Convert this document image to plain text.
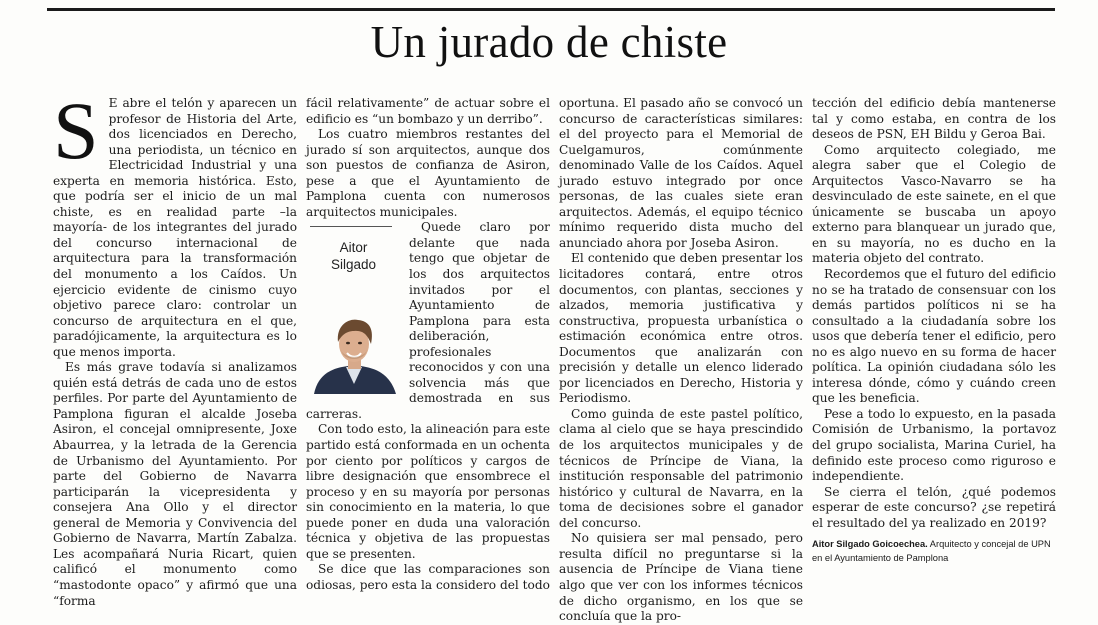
Un jurado de chiste
S E abre el telón y aparecen un profesor de Historia del Arte, dos licenciados en Derecho, una periodista, un técnico en Electricidad Industrial y una experta en memoria histórica. Esto, que podría ser el inicio de un mal chiste, es en realidad parte –la mayoría- de los integrantes del jurado del concurso internacional de arquitectura para la transformación del monumento a los Caídos. Un ejercicio evidente de cinismo cuyo objetivo parece claro: controlar un concurso de arquitectura en el que, paradójicamente, la arquitectura es lo que menos importa.

Es más grave todavía si analizamos quién está detrás de cada uno de estos perfiles. Por parte del Ayuntamiento de Pamplona figuran el alcalde Joseba Asiron, el concejal omnipresente, Joxe Abaurrea, y la letrada de la Gerencia de Urbanismo del Ayuntamiento. Por parte del Gobierno de Navarra participarán la vicepresidenta y consejera Ana Ollo y el director general de Memoria y Convivencia del Gobierno de Navarra, Martín Zabalza. Les acompañará Nuria Ricart, quien calificó el monumento como “mastodonte opaco” y afirmó que una “forma

fácil relativamente” de actuar sobre el edificio es “un bombazo y un derribo”.

Los cuatro miembros restantes del jurado sí son arquitectos, aunque dos son puestos de confianza de Asiron, pese a que el Ayuntamiento de Pamplona cuenta con numerosos arquitectos municipales.

Aitor
Silgado

Quede claro por delante que nada tengo que objetar de los dos arquitectos invitados por el Ayuntamiento de Pamplona para esta deliberación, profesionales reconocidos y con una solvencia más que demostrada en sus carreras.

Con todo esto, la alineación para este partido está conformada en un ochenta por ciento por políticos y cargos de libre designación que ensombrece el proceso y en su mayoría por personas sin conocimiento en la materia, lo que puede poner en duda una valoración técnica y objetiva de las propuestas que se presenten.

Se dice que las comparaciones son odiosas, pero esta la considero del todo

oportuna. El pasado año se convocó un concurso de características similares: el del proyecto para el Memorial de Cuelgamuros, comúnmente denominado Valle de los Caídos. Aquel jurado estuvo integrado por once personas, de las cuales siete eran arquitectos. Además, el equipo técnico mínimo requerido dista mucho del anunciado ahora por Joseba Asiron.

El contenido que deben presentar los licitadores contará, entre otros documentos, con plantas, secciones y alzados, memoria justificativa y constructiva, propuesta urbanística o estimación económica entre otros. Documentos que analizarán con precisión y detalle un elenco liderado por licenciados en Derecho, Historia y Periodismo.

Como guinda de este pastel político, clama al cielo que se haya prescindido de los arquitectos municipales y de técnicos de Príncipe de Viana, la institución responsable del patrimonio histórico y cultural de Navarra, en la toma de decisiones sobre el ganador del concurso.

No quisiera ser mal pensado, pero resulta difícil no preguntarse si la ausencia de Príncipe de Viana tiene algo que ver con los informes técnicos de dicho organismo, en los que se concluía que la pro-

tección del edificio debía mantenerse tal y como estaba, en contra de los deseos de PSN, EH Bildu y Geroa Bai.

Como arquitecto colegiado, me alegra saber que el Colegio de Arquitectos Vasco-Navarro se ha desvinculado de este sainete, en el que únicamente se buscaba un apoyo externo para blanquear un jurado que, en su mayoría, no es ducho en la materia objeto del contrato.

Recordemos que el futuro del edificio no se ha tratado de consensuar con los demás partidos políticos ni se ha consultado a la ciudadanía sobre los usos que debería tener el edificio, pero no es algo nuevo en su forma de hacer política. La opinión ciudadana sólo les interesa dónde, cómo y cuándo creen que les beneficia.

Pese a todo lo expuesto, en la pasada Comisión de Urbanismo, la portavoz del grupo socialista, Marina Curiel, ha definido este proceso como riguroso e independiente.

Se cierra el telón, ¿qué podemos esperar de este concurso? ¿se repetirá el resultado del ya realizado en 2019?

Aitor Silgado Goicoechea. Arquitecto y concejal de UPN en el Ayuntamiento de Pamplona
